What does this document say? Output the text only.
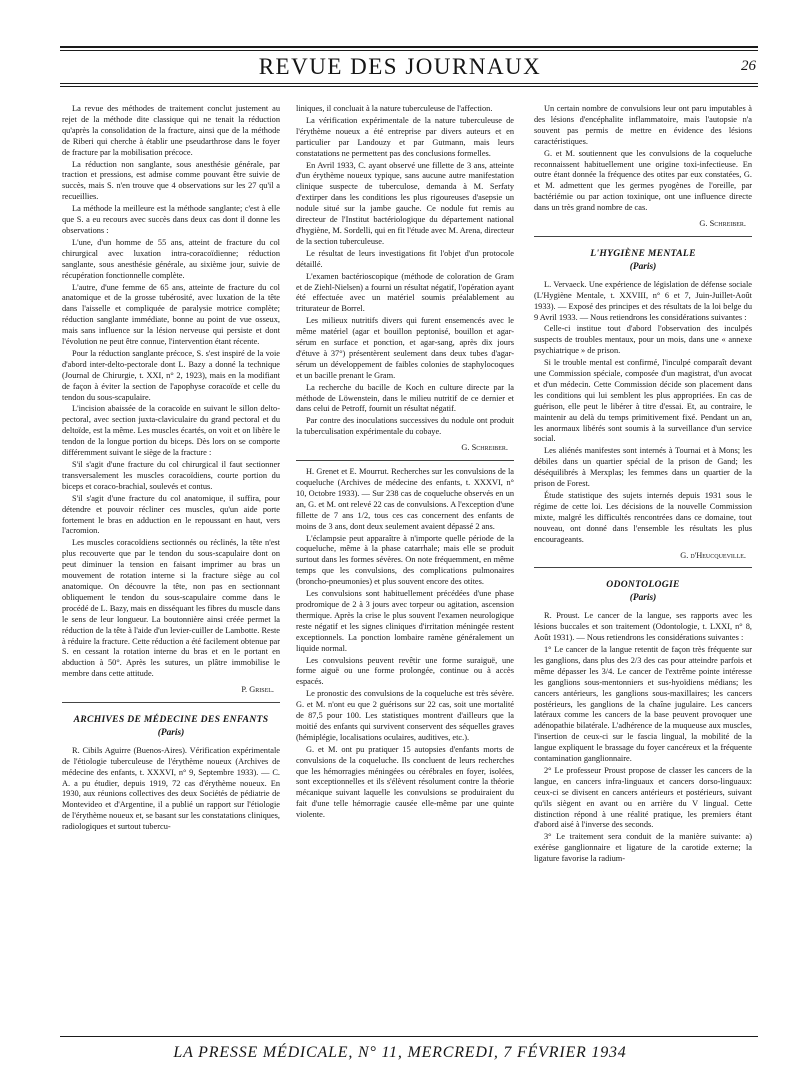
REVUE DES JOURNAUX	26

La revue des méthodes de traitement conclut justement au rejet de la méthode dite classique qui ne tenait la réduction qu'après la consolidation de la fracture, ainsi que de la méthode de Riberi qui cherche à établir une pseudarthrose dans le foyer de fracture par la mobilisation précoce.

La réduction non sanglante, sous anesthésie générale, par traction et pressions, est admise comme pouvant être suivie de succès, mais S. n'en trouve que 4 observations sur les 27 qu'il a recueillies.

La méthode la meilleure est la méthode sanglante; c'est à elle que S. a eu recours avec succès dans deux cas dont il donne les observations :

L'une, d'un homme de 55 ans, atteint de fracture du col chirurgical avec luxation intra-coracoïdienne; réduction sanglante, sous anesthésie générale, au sixième jour, suivie de récupération fonctionnelle complète.

L'autre, d'une femme de 65 ans, atteinte de fracture du col anatomique et de la grosse tubérosité, avec luxation de la tête dans l'aisselle et compliquée de paralysie motrice complète; réduction sanglante immédiate, bonne au point de vue osseux, mais sans influence sur la lésion nerveuse qui persiste et dont l'évolution ne peut être connue, l'intervention étant récente.

Pour la réduction sanglante précoce, S. s'est inspiré de la voie d'abord inter-delto-pectorale dont L. Bazy a donné la technique (Journal de Chirurgie, t. XXI, n° 2, 1923), mais en la modifiant de façon à éviter la section de l'apophyse coracoïde et celle du tendon du sous-scapulaire.

L'incision abaissée de la coracoïde en suivant le sillon delto-pectoral, avec section juxta-claviculaire du grand pectoral et du deltoïde, est la même. Les muscles écartés, on voit et on libère le tendon de la longue portion du biceps. Dès lors on se comporte différemment suivant le siège de la fracture :

S'il s'agit d'une fracture du col chirurgical il faut sectionner transversalement les muscles coracoïdiens, courte portion du biceps et coraco-brachial, soulevés et contus.

S'il s'agit d'une fracture du col anatomique, il suffira, pour détendre et pouvoir récliner ces muscles, qu'un aide porte fortement le bras en adduction en le repoussant en haut, vers l'acromion.

Les muscles coracoïdiens sectionnés ou réclinés, la tête n'est plus recouverte que par le tendon du sous-scapulaire dont on peut diminuer la tension en faisant imprimer au bras un mouvement de rotation interne si la fracture siège au col anatomique. On découvre la tête, non pas en sectionnant obliquement le tendon du sous-scapulaire comme dans le procédé de L. Bazy, mais en disséquant les fibres du muscle dans le sens de leur longueur. La boutonnière ainsi créée permet la réduction de la tête à l'aide d'un levier-cuiller de Lambotte. Reste à réduire la fracture. Cette réduction a été facilement obtenue par S. en cessant la rotation interne du bras et en le portant en abduction à 50°. Après les sutures, un plâtre immobilise le membre dans cette attitude.

P. Grisel.

ARCHIVES DE MÉDECINE DES ENFANTS
(Paris)

R. Cibils Aguirre (Buenos-Aires). Vérification expérimentale de l'étiologie tuberculeuse de l'érythème noueux (Archives de médecine des enfants, t. XXXVI, n° 9, Septembre 1933). — C. A. a pu étudier, depuis 1919, 72 cas d'érythème noueux. En 1930, aux réunions collectives des deux Sociétés de pédiatrie de Montevideo et d'Argentine, il a publié un rapport sur l'étiologie de l'érythème noueux et, se basant sur les constatations cliniques, radiologiques et surtout tubercu-

liniques, il concluait à la nature tuberculeuse de l'affection.

La vérification expérimentale de la nature tuberculeuse de l'érythème noueux a été entreprise par divers auteurs et en particulier par Landouzy et par Gutmann, mais leurs constatations ne permettent pas des conclusions formelles.

En Avril 1933, C. ayant observé une fillette de 3 ans, atteinte d'un érythème noueux typique, sans aucune autre manifestation clinique suspecte de tuberculose, demanda à M. Serfaty d'extirper dans les conditions les plus rigoureuses d'asepsie un nodule situé sur la jambe gauche. Ce nodule fut remis au directeur de l'Institut bactériologique du département national d'hygiène, M. Sordelli, qui en fit l'étude avec M. Arena, directeur de la section tuberculeuse.

Le résultat de leurs investigations fit l'objet d'un protocole détaillé.

L'examen bactérioscopique (méthode de coloration de Gram et de Ziehl-Nielsen) a fourni un résultat négatif, l'opération ayant été effectuée avec un matériel soumis préalablement au triturateur de Borrel.

Les milieux nutritifs divers qui furent ensemencés avec le même matériel (agar et bouillon peptonisé, bouillon et agar-sérum en surface et ponction, et agar-sang, après dix jours d'étuve à 37°) présentèrent seulement dans deux tubes d'agar-sérum un développement de faibles colonies de staphylocoques et un bacille prenant le Gram.

La recherche du bacille de Koch en culture directe par la méthode de Löwenstein, dans le milieu nutritif de ce dernier et dans celui de Petroff, fournit un résultat négatif.

Par contre des inoculations successives du nodule ont produit la tuberculisation expérimentale du cobaye.

G. Schreiber.

H. Grenet et E. Mourrut. Recherches sur les convulsions de la coqueluche (Archives de médecine des enfants, t. XXXVI, n° 10, Octobre 1933). — Sur 238 cas de coqueluche observés en un an, G. et M. ont relevé 22 cas de convulsions. A l'exception d'une fillette de 7 ans 1/2, tous ces cas concernent des enfants de moins de 3 ans, dont deux seulement avaient dépassé 2 ans.

L'éclampsie peut apparaître à n'importe quelle période de la coqueluche, même à la phase catarrhale; mais elle se produit surtout dans les formes sévères. On note fréquemment, en même temps que les convulsions, des complications pulmonaires (broncho-pneumonies) et plus souvent encore des otites.

Les convulsions sont habituellement précédées d'une phase prodromique de 2 à 3 jours avec torpeur ou agitation, ascension thermique. Après la crise le plus souvent l'examen neurologique reste négatif et les signes cliniques d'irritation méningée restent exceptionnels. La ponction lombaire ramène généralement un liquide normal.

Les convulsions peuvent revêtir une forme suraiguë, une forme aiguë ou une forme prolongée, continue ou à accès espacés.

Le pronostic des convulsions de la coqueluche est très sévère. G. et M. n'ont eu que 2 guérisons sur 22 cas, soit une mortalité de 87,5 pour 100. Les statistiques montrent d'ailleurs que la moitié des enfants qui survivent conservent des séquelles graves (hémiplégie, localisations oculaires, auditives, etc.).

G. et M. ont pu pratiquer 15 autopsies d'enfants morts de convulsions de la coqueluche. Ils concluent de leurs recherches que les hémorragies méningées ou cérébrales en foyer, isolées, sont exceptionnelles et ils s'élèvent résolument contre la théorie mécanique suivant laquelle les convulsions se produiraient du fait d'une telle hémorragie causée elle-même par une quinte violente.

Un certain nombre de convulsions leur ont paru imputables à des lésions d'encéphalite inflammatoire, mais l'autopsie n'a souvent pas permis de mettre en évidence des lésions caractéristiques.

G. et M. soutiennent que les convulsions de la coqueluche reconnaissent habituellement une origine toxi-infectieuse. En outre étant donnée la fréquence des otites par eux constatées, G. et M. admettent que les germes pyogènes de l'oreille, par bactériémie ou par action toxinique, ont une influence directe dans un très grand nombre de cas.

G. Schreiber.

L'HYGIÈNE MENTALE
(Paris)

L. Vervaeck. Une expérience de législation de défense sociale (L'Hygiène Mentale, t. XXVIII, n° 6 et 7, Juin-Juillet-Août 1933). — Exposé des principes et des résultats de la loi belge du 9 Avril 1933. — Nous retiendrons les considérations suivantes :

Celle-ci institue tout d'abord l'observation des inculpés suspects de troubles mentaux, pour un mois, dans une « annexe psychiatrique » de prison.

Si le trouble mental est confirmé, l'inculpé comparaît devant une Commission spéciale, composée d'un magistrat, d'un avocat et d'un médecin. Cette Commission décide son placement dans les conditions qui lui semblent les plus appropriées. En cas de guérison, elle peut le libérer à titre d'essai. Et, au contraire, le maintenir au delà du temps primitivement fixé. Pendant un an, les anormaux libérés sont soumis à la surveillance d'un service social.

Les aliénés manifestes sont internés à Tournai et à Mons; les débiles dans un quartier spécial de la prison de Gand; les déséquilibrés à Merxplas; les femmes dans un quartier de la prison de Forest.

Étude statistique des sujets internés depuis 1931 sous le régime de cette loi. Les décisions de la nouvelle Commission mixte, malgré les difficultés rencontrées dans ce domaine, tout nouveau, ont donné dans l'ensemble les résultats les plus encourageants.

G. d'Heucqueville.

ODONTOLOGIE
(Paris)

R. Proust. Le cancer de la langue, ses rapports avec les lésions buccales et son traitement (Odontologie, t. LXXI, n° 8, Août 1931). — Nous retiendrons les considérations suivantes :

1° Le cancer de la langue retentit de façon très fréquente sur les ganglions, dans plus des 2/3 des cas pour atteindre parfois et même dépasser les 3/4. Le cancer de l'extrême pointe intéresse les ganglions sous-mentonniers et sus-hyoïdiens médians; les cancers antérieurs, les ganglions sous-maxillaires; les cancers postérieurs, les ganglions de la chaîne jugulaire. Les cancers latéraux comme les cancers de la base peuvent provoquer une adénopathie bilatérale. L'adhérence de la muqueuse aux muscles, l'insertion de ceux-ci sur le fascia lingual, la mobilité de la langue expliquent le brassage du foyer cancéreux et la fréquente contamination ganglionnaire.

2° Le professeur Proust propose de classer les cancers de la langue, en cancers infra-linguaux et cancers dorso-linguaux: ceux-ci se divisent en cancers antérieurs et postérieurs, suivant qu'ils siègent en avant ou en arrière du V lingual. Cette distinction répond à une réalité pratique, les premiers étant d'abord aisé à l'inverse des seconds.

3° Le traitement sera conduit de la manière suivante: a) exérèse ganglionnaire et ligature de la carotide externe; la ligature favorise la radium-

LA PRESSE MÉDICALE, N° 11, MERCREDI, 7 FÉVRIER 1934
